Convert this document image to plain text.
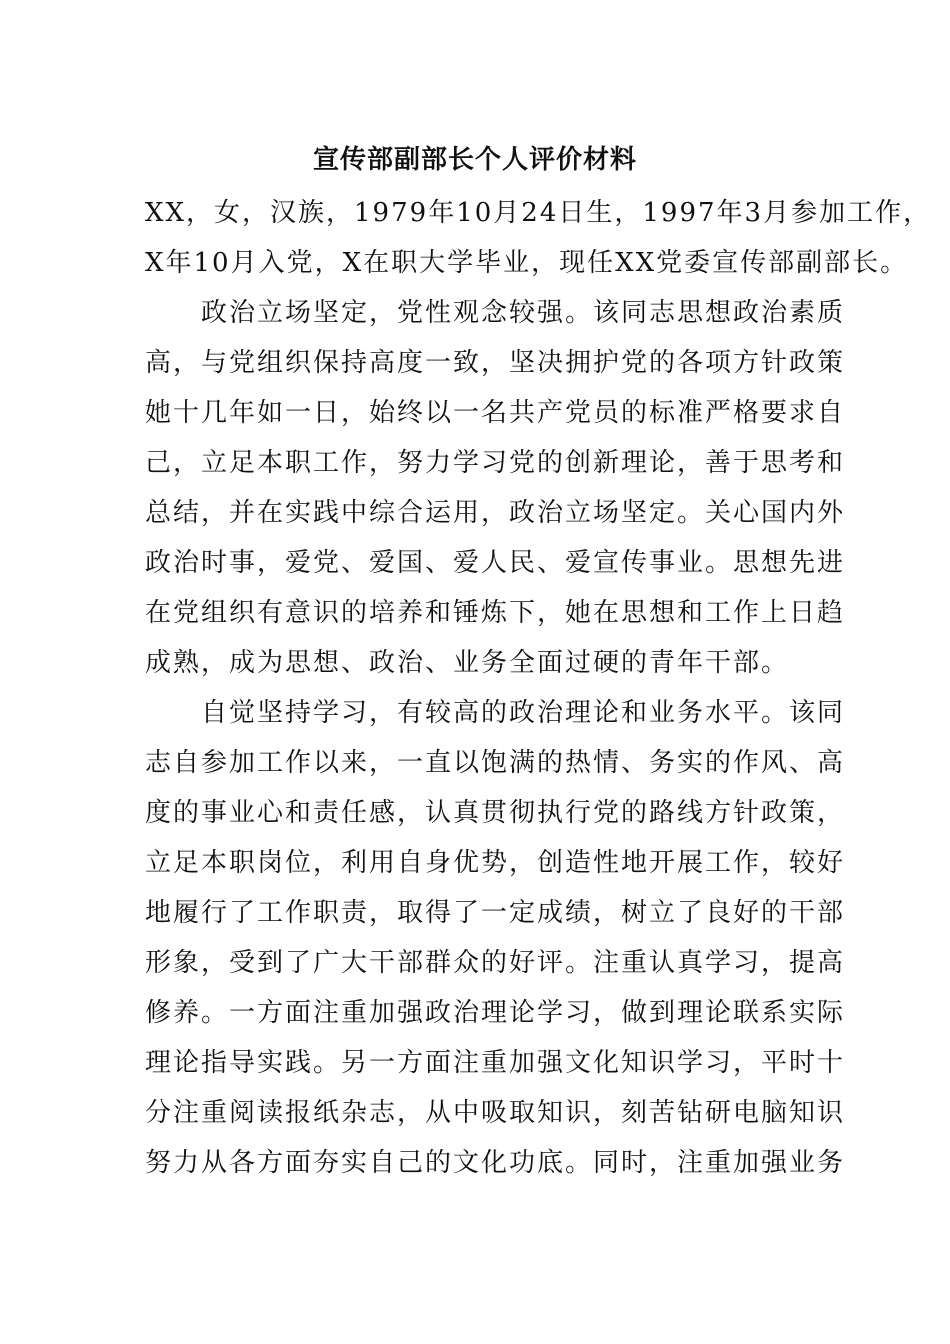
宣传部副部长个人评价材料

XX，女，汉族，1979年10月24日生，1997年3月参加工作，

X年10月入党，X在职大学毕业，现任XX党委宣传部副部长。

　　政治立场坚定，党性观念较强。该同志思想政治素质

高，与党组织保持高度一致，坚决拥护党的各项方针政策

她十几年如一日，始终以一名共产党员的标准严格要求自

己，立足本职工作，努力学习党的创新理论，善于思考和

总结，并在实践中综合运用，政治立场坚定。关心国内外

政治时事，爱党、爱国、爱人民、爱宣传事业。思想先进

在党组织有意识的培养和锤炼下，她在思想和工作上日趋

成熟，成为思想、政治、业务全面过硬的青年干部。

　　自觉坚持学习，有较高的政治理论和业务水平。该同

志自参加工作以来，一直以饱满的热情、务实的作风、高

度的事业心和责任感，认真贯彻执行党的路线方针政策，

立足本职岗位，利用自身优势，创造性地开展工作，较好

地履行了工作职责，取得了一定成绩，树立了良好的干部

形象，受到了广大干部群众的好评。注重认真学习，提高

修养。一方面注重加强政治理论学习，做到理论联系实际

理论指导实践。另一方面注重加强文化知识学习，平时十

分注重阅读报纸杂志，从中吸取知识，刻苦钻研电脑知识

努力从各方面夯实自己的文化功底。同时，注重加强业务
